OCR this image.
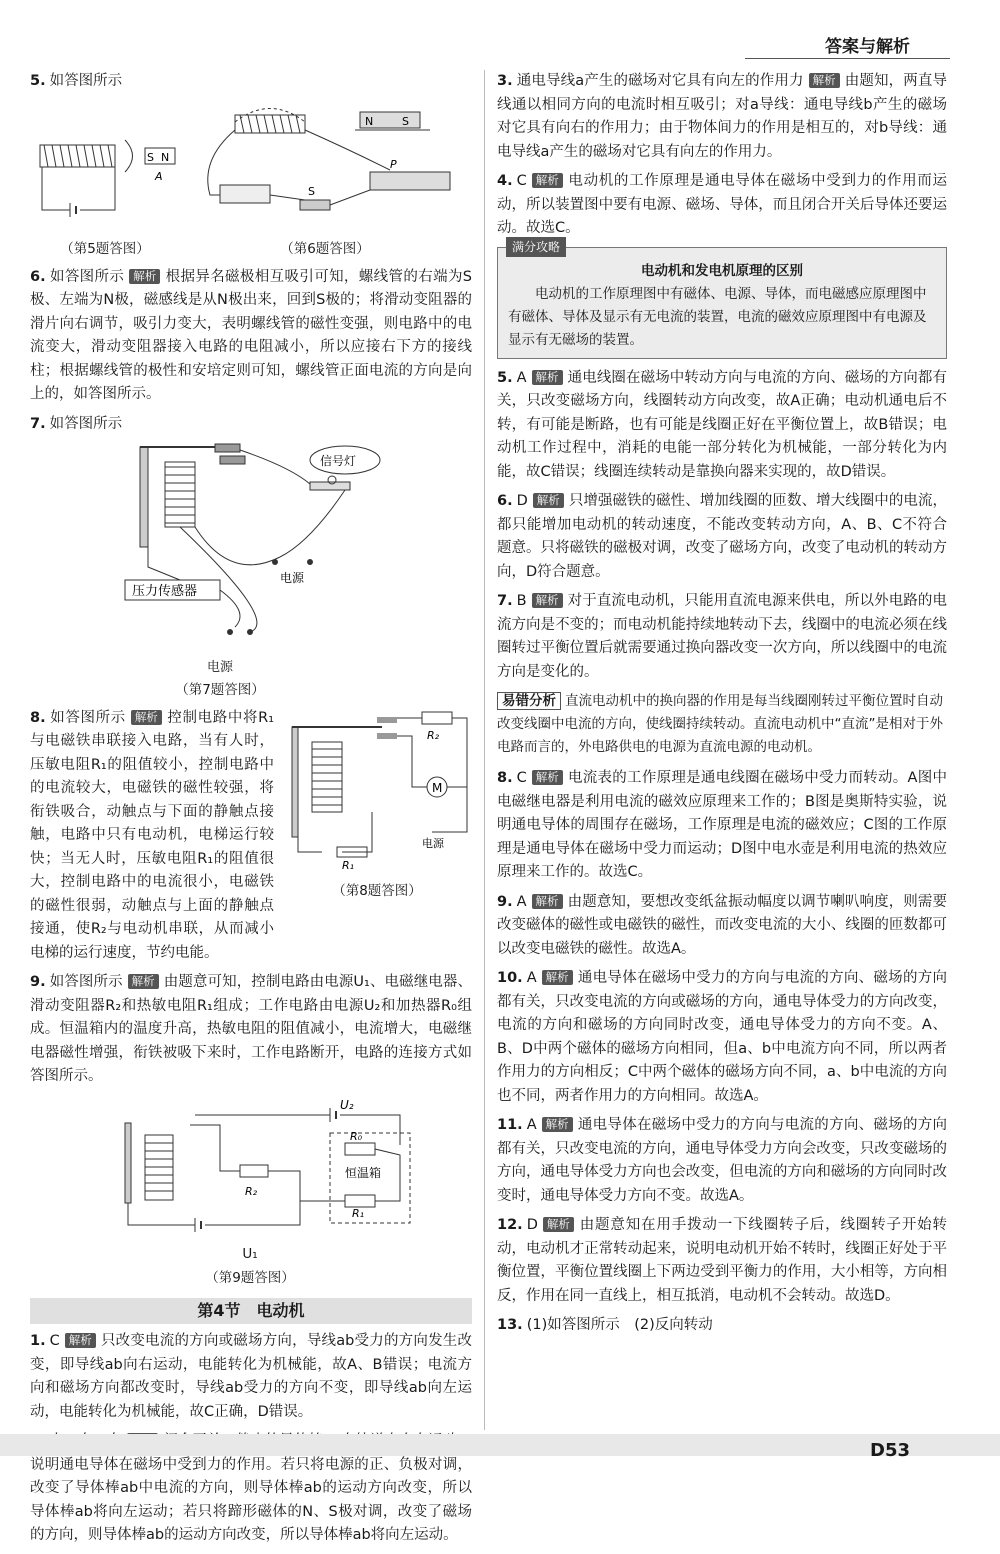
答案与解析
5. 如答图所示
S N
A
（第5题答图）
N	S
P
S
（第6题答图）
6. 如答图所示 解析 根据异名磁极相互吸引可知，螺线管的右端为S极、左端为N极，磁感线是从N极出来，回到S极的；将滑动变阻器的滑片向右调节，吸引力变大，表明螺线管的磁性变强，则电路中的电流变大，滑动变阻器接入电路的电阻减小，所以应接右下方的接线柱；根据螺线管的极性和安培定则可知，螺线管正面电流的方向是向上的，如答图所示。
7. 如答图所示
信号灯
电源
压力传感器
电源
（第7题答图）
8. 如答图所示 解析 控制电路中将R₁与电磁铁串联接入电路，当有人时，压敏电阻R₁的阻值较小，控制电路中的电流较大，电磁铁的磁性较强，将衔铁吸合，动触点与下面的静触点接触，电路中只有电动机，电梯运行较快；当无人时，压敏电阻R₁的阻值很大，控制电路中的电流很小，电磁铁的磁性很弱，动触点与上面的静触点接通，使R₂与电动机串联，从而减小电梯的运行速度，节约电能。
R₂
M
电源
R₁
（第8题答图）
9. 如答图所示 解析 由题意可知，控制电路由电源U₁、电磁继电器、滑动变阻器R₂和热敏电阻R₁组成；工作电路由电源U₂和加热器R₀组成。恒温箱内的温度升高，热敏电阻的阻值减小，电流增大，电磁继电器磁性增强，衔铁被吸下来时，工作电路断开，电路的连接方式如答图所示。
U₂
R₀
恒温箱
R₁
R₂
U₁
（第9题答图）
第4节　电动机
1. C 解析 只改变电流的方向或磁场方向，导线ab受力的方向发生改变，即导线ab向右运动，电能转化为机械能，故A、B错误；电流方向和磁场方向都改变时，导线ab受力的方向不变，即导线ab向左运动，电能转化为机械能，故C正确，D错误。
说明通电导体在磁场中受到力的作用。若只将电源的正、负极对调，改变了导体棒ab中电流的方向，则导体棒ab的运动方向改变，所以导体棒ab将向左运动；若只将蹄形磁体的N、S极对调，改变了磁场的方向，则导体棒ab的运动方向改变，所以导体棒ab将向左运动。
3. 通电导线a产生的磁场对它具有向左的作用力 解析 由题知，两直导线通以相同方向的电流时相互吸引；对a导线：通电导线b产生的磁场对它具有向右的作用力；由于物体间力的作用是相互的，对b导线：通电导线a产生的磁场对它具有向左的作用力。
4. C 解析 电动机的工作原理是通电导体在磁场中受到力的作用而运动，所以装置图中要有电源、磁场、导体，而且闭合开关后导体还要运动。故选C。
满分攻略
电动机和发电机原理的区别
电动机的工作原理图中有磁体、电源、导体，而电磁感应原理图中有磁体、导体及显示有无电流的装置，电流的磁效应原理图中有电源及显示有无磁场的装置。
5. A 解析 通电线圈在磁场中转动方向与电流的方向、磁场的方向都有关，只改变磁场方向，线圈转动方向改变，故A正确；电动机通电后不转，有可能是断路，也有可能是线圈正好在平衡位置上，故B错误；电动机工作过程中，消耗的电能一部分转化为机械能，一部分转化为内能，故C错误；线圈连续转动是靠换向器来实现的，故D错误。
6. D 解析 只增强磁铁的磁性、增加线圈的匝数、增大线圈中的电流，都只能增加电动机的转动速度，不能改变转动方向，A、B、C不符合题意。只将磁铁的磁极对调，改变了磁场方向，改变了电动机的转动方向，D符合题意。
7. B 解析 对于直流电动机，只能用直流电源来供电，所以外电路的电流方向是不变的；而电动机能持续地转动下去，线圈中的电流必须在线圈转过平衡位置后就需要通过换向器改变一次方向，所以线圈中的电流方向是变化的。
易错分析 直流电动机中的换向器的作用是每当线圈刚转过平衡位置时自动改变线圈中电流的方向，使线圈持续转动。直流电动机中“直流”是相对于外电路而言的，外电路供电的电源为直流电源的电动机。
8. C 解析 电流表的工作原理是通电线圈在磁场中受力而转动。A图中电磁继电器是利用电流的磁效应原理来工作的；B图是奥斯特实验，说明通电导体的周围存在磁场，工作原理是电流的磁效应；C图的工作原理是通电导体在磁场中受力而运动；D图中电水壶是利用电流的热效应原理来工作的。故选C。
9. A 解析 由题意知，要想改变纸盆振动幅度以调节喇叭响度，则需要改变磁体的磁性或电磁铁的磁性，而改变电流的大小、线圈的匝数都可以改变电磁铁的磁性。故选A。
10. A 解析 通电导体在磁场中受力的方向与电流的方向、磁场的方向都有关，只改变电流的方向或磁场的方向，通电导体受力的方向改变，电流的方向和磁场的方向同时改变，通电导体受力的方向不变。A、B、D中两个磁体的磁场方向相同，但a、b中电流方向不同，所以两者作用力的方向相反；C中两个磁体的磁场方向不同，a、b中电流的方向也不同，两者作用力的方向相同。故选A。
11. A 解析 通电导体在磁场中受力的方向与电流的方向、磁场的方向都有关，只改变电流的方向，通电导体受力方向会改变，只改变磁场的方向，通电导体受力方向也会改变，但电流的方向和磁场的方向同时改变时，通电导体受力方向不变。故选A。
12. D 解析 由题意知在用手拨动一下线圈转子后，线圈转子开始转动，电动机才正常转动起来，说明电动机开始不转时，线圈正好处于平衡位置，平衡位置线圈上下两边受到平衡力的作用，大小相等，方向相反，作用在同一直线上，相互抵消，电动机不会转动。故选D。
13. (1)如答图所示　(2)反向转动
D53
